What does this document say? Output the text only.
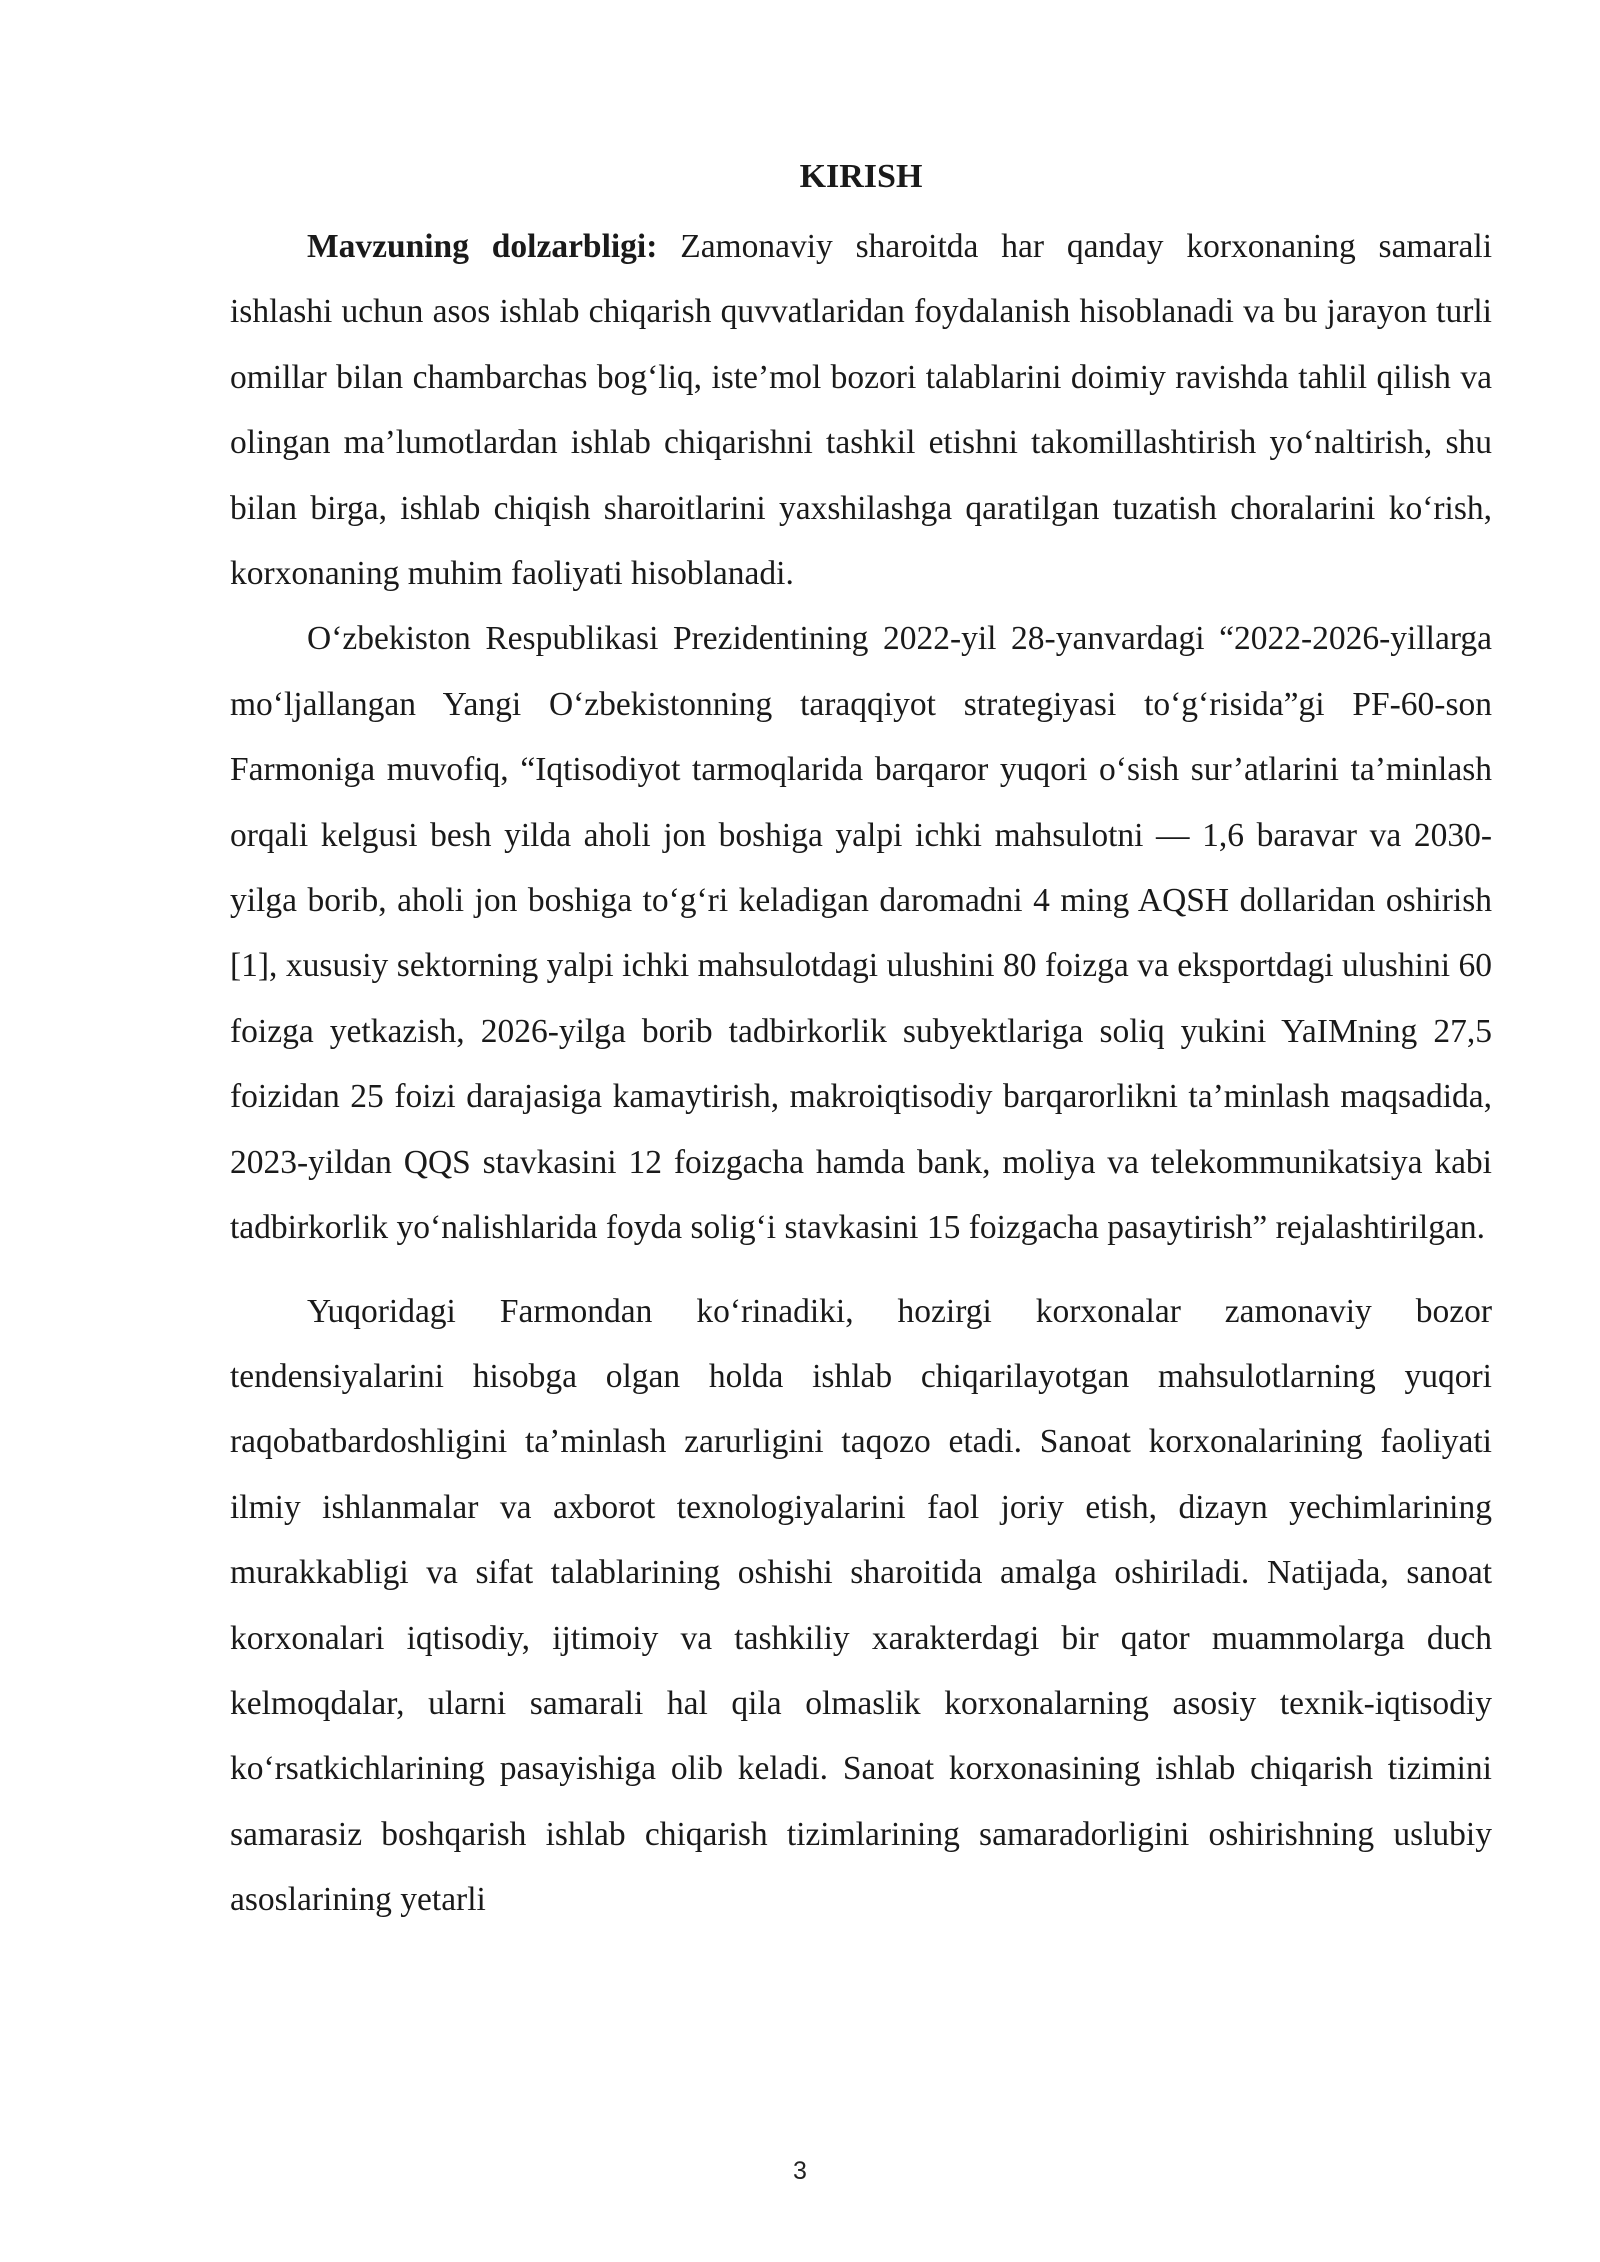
KIRISH

Mavzuning dolzarbligi: Zamonaviy sharoitda har qanday korxonaning samarali ishlashi uchun asos ishlab chiqarish quvvatlaridan foydalanish hisoblanadi va bu jarayon turli omillar bilan chambarchas bog‘liq, iste’mol bozori talablarini doimiy ravishda tahlil qilish va olingan ma’lumotlardan ishlab chiqarishni tashkil etishni takomillashtirish yo‘naltirish, shu bilan birga, ishlab chiqish sharoitlarini yaxshilashga qaratilgan tuzatish choralarini ko‘rish, korxonaning muhim faoliyati hisoblanadi.

O‘zbekiston Respublikasi Prezidentining 2022-yil 28-yanvardagi “2022-2026-yillarga mo‘ljallangan Yangi O‘zbekistonning taraqqiyot strategiyasi to‘g‘risida”gi PF-60-son Farmoniga muvofiq, “Iqtisodiyot tarmoqlarida barqaror yuqori o‘sish sur’atlarini ta’minlash orqali kelgusi besh yilda aholi jon boshiga yalpi ichki mahsulotni — 1,6 baravar va 2030-yilga borib, aholi jon boshiga to‘g‘ri keladigan daromadni 4 ming AQSH dollaridan oshirish [1], xususiy sektorning yalpi ichki mahsulotdagi ulushini 80 foizga va eksportdagi ulushini 60 foizga yetkazish, 2026-yilga borib tadbirkorlik subyektlariga soliq yukini YaIMning 27,5 foizidan 25 foizi darajasiga kamaytirish, makroiqtisodiy barqarorlikni ta’minlash maqsadida, 2023-yildan QQS stavkasini 12 foizgacha hamda bank, moliya va telekommunikatsiya kabi tadbirkorlik yo‘nalishlarida foyda solig‘i stavkasini 15 foizgacha pasaytirish” rejalashtirilgan.

Yuqoridagi Farmondan ko‘rinadiki, hozirgi korxonalar zamonaviy bozor tendensiyalarini hisobga olgan holda ishlab chiqarilayotgan mahsulotlarning yuqori raqobatbardoshligini ta’minlash zarurligini taqozo etadi. Sanoat korxonalarining faoliyati ilmiy ishlanmalar va axborot texnologiyalarini faol joriy etish, dizayn yechimlarining murakkabligi va sifat talablarining oshishi sharoitida amalga oshiriladi. Natijada, sanoat korxonalari iqtisodiy, ijtimoiy va tashkiliy xarakterdagi bir qator muammolarga duch kelmoqdalar, ularni samarali hal qila olmaslik korxonalarning asosiy texnik-iqtisodiy ko‘rsatkichlarining pasayishiga olib keladi. Sanoat korxonasining ishlab chiqarish tizimini samarasiz boshqarish ishlab chiqarish tizimlarining samaradorligini oshirishning uslubiy asoslarining yetarli

3
